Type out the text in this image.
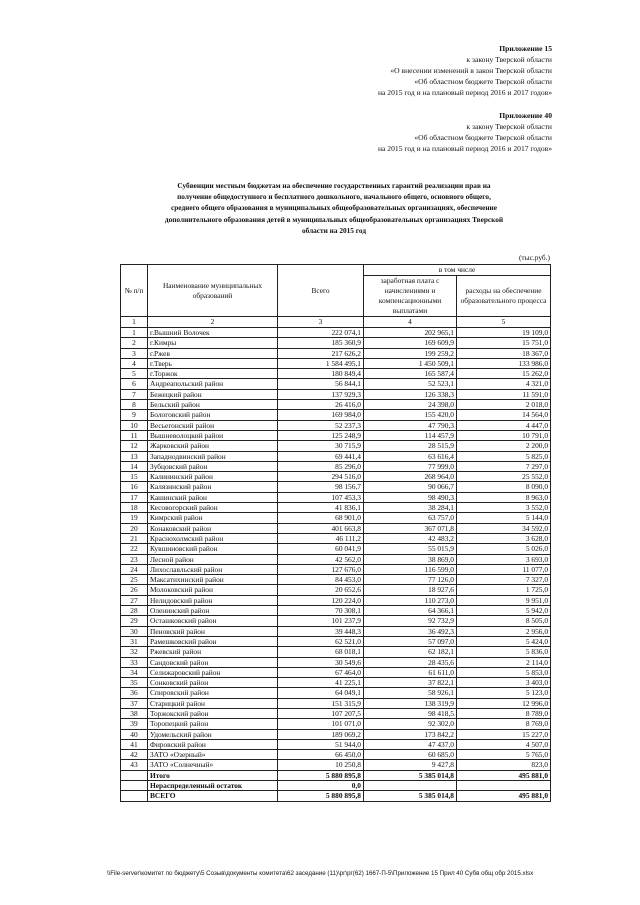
Приложение 15
к закону Тверской области
«О внесении изменений в закон Тверской области
«Об областном бюджете Тверской области
на 2015 год и на плановый период 2016 и 2017 годов»
Приложение 40
к закону Тверской области
«Об областном бюджете Тверской области
на 2015 год и на плановый период 2016 и 2017 годов»
Субвенции местным бюджетам на обеспечение государственных гарантий реализации прав на
получение общедоступного и бесплатного дошкольного, начального общего, основного общего,
среднего общего образования в муниципальных общеобразовательных организациях, обеспечение
дополнительного образования детей в муниципальных общеобразовательных организациях Тверской
области на 2015 год
(тыс.руб.)
№ п/п	Наименование муниципальных образований	Всего	в том числе	
			заработная плата с начислениями и компенсационными выплатами	расходы на обеспечение образовательного процесса
1	2	3	4	5
1	г.Вышний Волочек	222 074,1	202 965,1	19 109,0
2	г.Кимры	185 360,9	169 609,9	15 751,0
3	г.Ржев	217 626,2	199 259,2	18 367,0
4	г.Тверь	1 584 495,1	1 450 509,1	133 986,0
5	г.Торжок	180 849,4	165 587,4	15 262,0
6	Андреапольский район	56 844,1	52 523,1	4 321,0
7	Бежецкий район	137 929,3	126 338,3	11 591,0
8	Бельский район	26 416,0	24 398,0	2 018,0
9	Бологовский район	169 984,0	155 420,0	14 564,0
10	Весьегонский район	52 237,3	47 790,3	4 447,0
11	Вышневолоцкий район	125 248,9	114 457,9	10 791,0
12	Жарковский район	30 715,9	28 515,9	2 200,0
13	Западнодвинский район	69 441,4	63 616,4	5 825,0
14	Зубцовский район	85 296,0	77 999,0	7 297,0
15	Калининский район	294 516,0	268 964,0	25 552,0
16	Калязинский район	98 156,7	90 066,7	8 090,0
17	Кашинский район	107 453,3	98 490,3	8 963,0
18	Кесовогорский район	41 836,1	38 284,1	3 552,0
19	Кимрский район	68 901,0	63 757,0	5 144,0
20	Конаковский район	401 663,8	367 071,8	34 592,0
21	Краснохолмский район	46 111,2	42 483,2	3 628,0
22	Кувшиновский район	60 041,9	55 015,9	5 026,0
23	Лесной район	42 562,0	38 869,0	3 693,0
24	Лихославльский район	127 676,0	116 599,0	11 077,0
25	Максатихинский район	84 453,0	77 126,0	7 327,0
26	Молоковский район	20 652,6	18 927,6	1 725,0
27	Нелидовский район	120 224,0	110 273,0	9 951,0
28	Оленинский район	70 308,1	64 366,1	5 942,0
29	Осташковский район	101 237,9	92 732,9	8 505,0
30	Пеновский район	39 448,3	36 492,3	2 956,0
31	Рамешковский район	62 521,0	57 097,0	5 424,0
32	Ржевский район	68 018,1	62 182,1	5 836,0
33	Сандовский район	30 549,6	28 435,6	2 114,0
34	Селижаровский район	67 464,0	61 611,0	5 853,0
35	Сонковский район	41 225,1	37 822,1	3 403,0
36	Спировский район	64 049,1	58 926,1	5 123,0
37	Старицкий район	151 315,9	138 319,9	12 996,0
38	Торжокский район	107 207,5	98 418,5	8 789,0
39	Торопецкий район	101 071,0	92 302,0	8 769,0
40	Удомельский район	189 069,2	173 842,2	15 227,0
41	Фировский район	51 944,0	47 437,0	4 507,0
42	ЗАТО «Озерный»	66 450,0	60 685,0	5 765,0
43	ЗАТО «Солнечный»	10 250,8	9 427,8	823,0
	Итого	5 880 895,8	5 385 014,8	495 881,0
	Нераспределенный остаток	0,0		
	ВСЕГО	5 880 895,8	5 385 014,8	495 881,0
\\File-server\комитет по бюджету\5 Созыв\документы комитета\62 заседание (11)\рг\рг(62) 1667-П-5\Приложение 15 Прил 40 Субв общ обр 2015.xlsx
